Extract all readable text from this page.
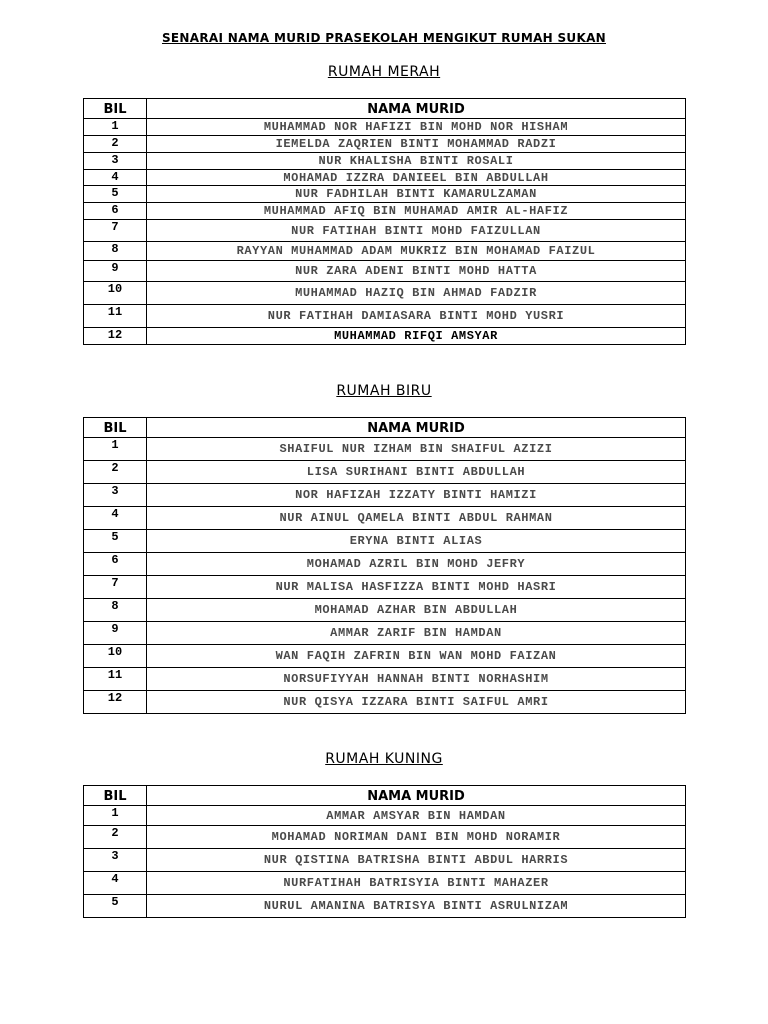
SENARAI NAMA MURID PRASEKOLAH MENGIKUT RUMAH SUKAN
RUMAH MERAH
BIL	NAMA MURID
1	MUHAMMAD NOR HAFIZI BIN MOHD NOR HISHAM
2	IEMELDA ZAQRIEN BINTI MOHAMMAD RADZI
3	NUR KHALISHA BINTI ROSALI
4	MOHAMAD IZZRA DANIEEL BIN ABDULLAH
5	NUR FADHILAH BINTI KAMARULZAMAN
6	MUHAMMAD AFIQ BIN MUHAMAD AMIR AL-HAFIZ
7	NUR FATIHAH BINTI MOHD FAIZULLAN
8	RAYYAN MUHAMMAD ADAM MUKRIZ BIN MOHAMAD FAIZUL
9	NUR ZARA ADENI BINTI MOHD HATTA
10	MUHAMMAD HAZIQ BIN AHMAD FADZIR
11	NUR FATIHAH DAMIASARA BINTI MOHD YUSRI
12	MUHAMMAD RIFQI AMSYAR
RUMAH BIRU
BIL	NAMA MURID
1	SHAIFUL NUR IZHAM BIN SHAIFUL AZIZI
2	LISA SURIHANI BINTI ABDULLAH
3	NOR HAFIZAH IZZATY BINTI HAMIZI
4	NUR AINUL QAMELA BINTI ABDUL RAHMAN
5	ERYNA BINTI ALIAS
6	MOHAMAD AZRIL BIN MOHD JEFRY
7	NUR MALISA HASFIZZA BINTI MOHD HASRI
8	MOHAMAD AZHAR BIN ABDULLAH
9	AMMAR ZARIF BIN HAMDAN
10	WAN FAQIH ZAFRIN BIN WAN MOHD FAIZAN
11	NORSUFIYYAH HANNAH BINTI NORHASHIM
12	NUR QISYA IZZARA BINTI SAIFUL AMRI
RUMAH KUNING
BIL	NAMA MURID
1	AMMAR AMSYAR BIN HAMDAN
2	MOHAMAD NORIMAN DANI BIN MOHD NORAMIR
3	NUR QISTINA BATRISHA BINTI ABDUL HARRIS
4	NURFATIHAH BATRISYIA BINTI MAHAZER
5	NURUL AMANINA BATRISYA BINTI ASRULNIZAM
